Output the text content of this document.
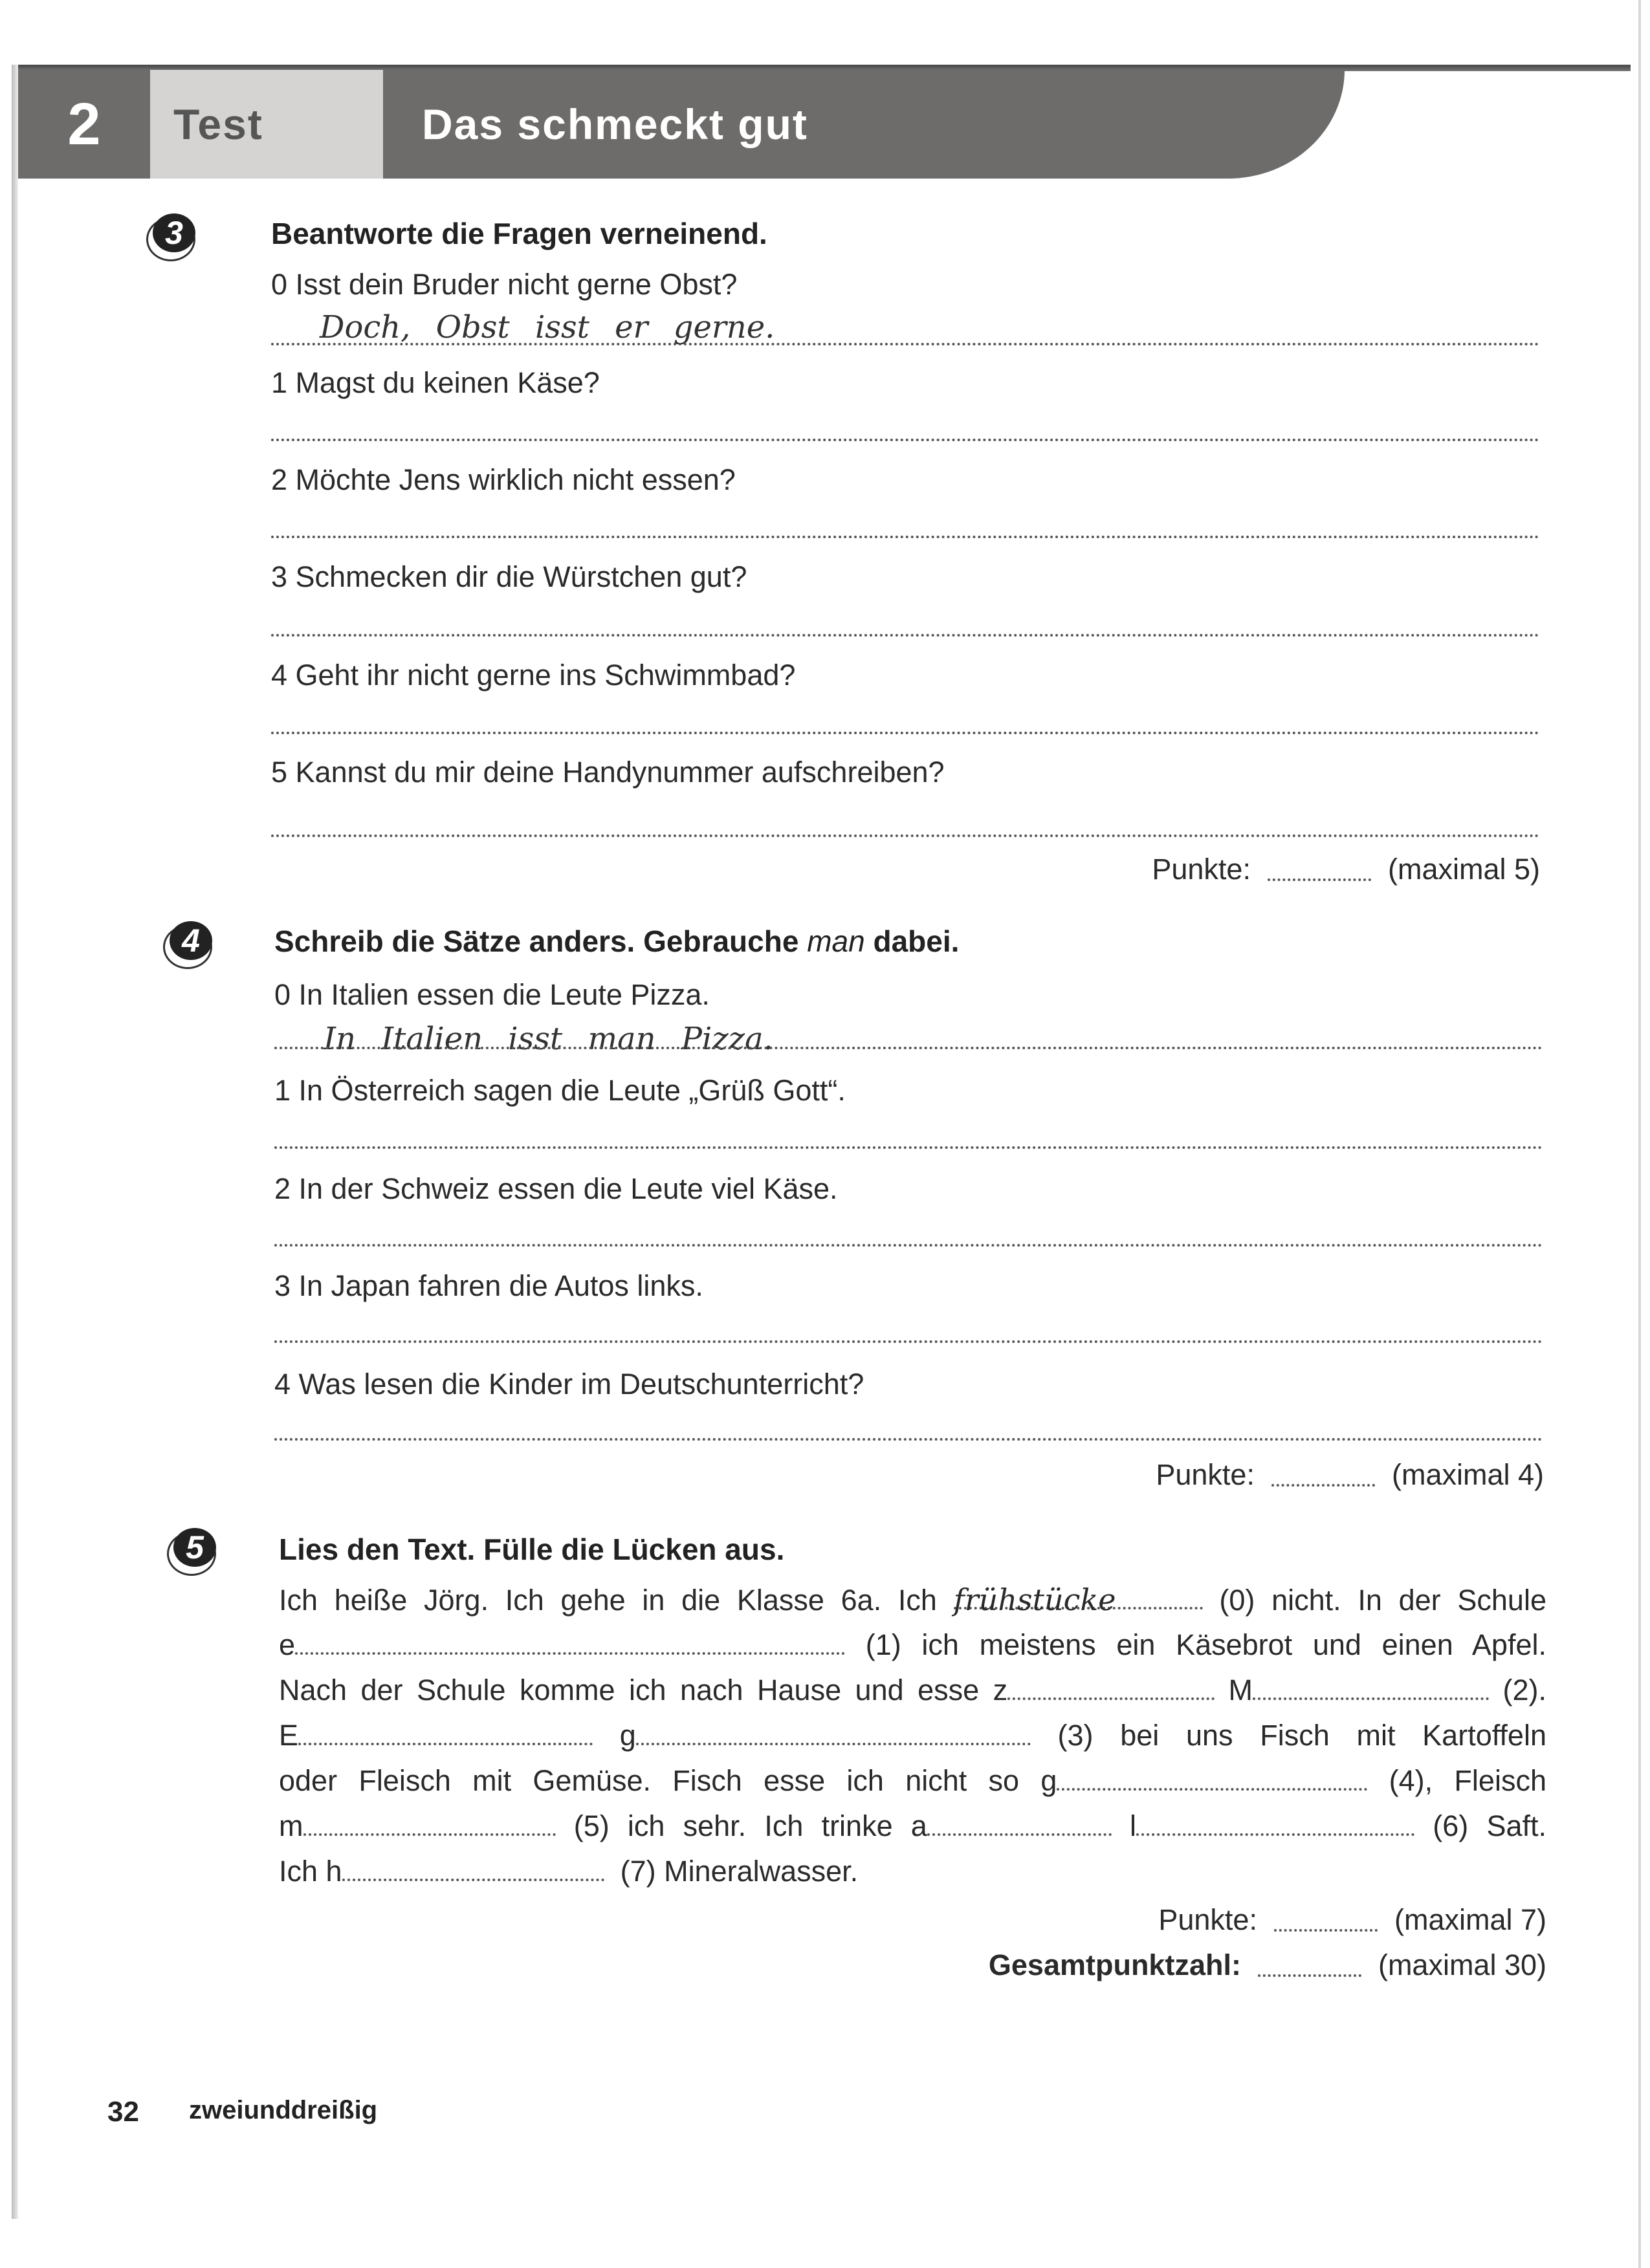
2	Test	Das schmeckt gut
3	Beantworte die Fragen verneinend.
0 Isst dein Bruder nicht gerne Obst?
Doch, Obst isst er gerne.
1 Magst du keinen Käse?
2 Möchte Jens wirklich nicht essen?
3 Schmecken dir die Würstchen gut?
4 Geht ihr nicht gerne ins Schwimmbad?
5 Kannst du mir deine Handynummer aufschreiben?
Punkte:	(maximal 5)
4	Schreib die Sätze anders. Gebrauche man dabei.
0 In Italien essen die Leute Pizza.
In Italien isst man Pizza.
1 In Österreich sagen die Leute „Grüß Gott“.
2 In der Schweiz essen die Leute viel Käse.
3 In Japan fahren die Autos links.
4 Was lesen die Kinder im Deutschunterricht?
Punkte:	(maximal 4)
5	Lies den Text. Fülle die Lücken aus.
Ich heiße Jörg. Ich gehe in die Klasse 6a. Ich frühstücke	(0) nicht. In der Schule
e	(1) ich meistens ein Käsebrot und einen Apfel.
Nach der Schule komme ich nach Hause und esse z	M	(2).
E	g	(3) bei uns Fisch mit Kartoffeln
oder Fleisch mit Gemüse. Fisch esse ich nicht so g	(4), Fleisch
m	(5) ich sehr. Ich trinke a	l	(6) Saft.
Ich h	(7) Mineralwasser.
Punkte:	(maximal 7)
Gesamtpunktzahl:	(maximal 30)
32 zweiunddreißig
